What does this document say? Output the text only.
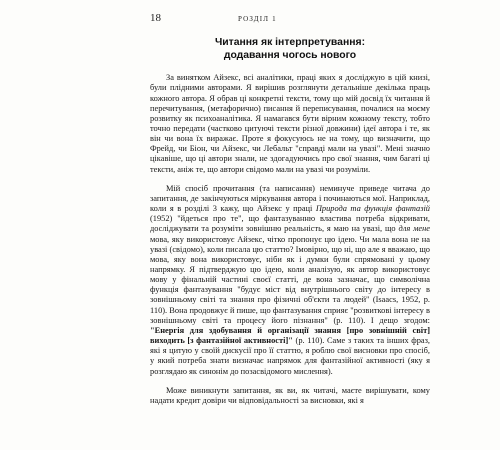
18	РОЗДІЛ 1
Читання як інтерпретування:
додавання чогось нового

За винятком Айзекс, всі аналітики, праці яких я досліджую в цій книзі, були плідними авторами. Я вирішив розглянути детальніше декілька праць кожного автора. Я обрав ці конкретні тексти, тому що мій досвід їх читання й перечитування, (метафорично) писання й переписування, почалися на моєму розвитку як психоаналітика. Я намагався бути вірним кожному тексту, тобто точно передати (частково цитуючі тексти різної довжини) ідеї автора і те, як він чи вона їх виражає. Проте я фокусуюсь не на тому, що визначити, що Фрейд, чи Біон, чи Айзекс, чи Лебальт "справді мали на увазі". Мені значно цікавіше, що ці автори знали, не здогадуючись про свої знання, чим багаті ці тексти, аніж те, що автори свідомо мали на увазі чи розуміли.

Мій спосіб прочитання (та написання) неминуче приведе читача до запитання, де закінчуються міркування автора і починаються мої. Наприклад, коли я в розділі 3 кажу, що Айзекс у праці Природа та функція фантазій (1952) "йдеться про те", що фантазуванню властива потреба відкривати, досліджувати та розуміти зовнішню реальність, я маю на увазі, що для мене мова, яку використовує Айзекс, чітко пропонує цю ідею. Чи мала вона не на увазі (свідомо), коли писала цю статтю? Імовірно, що ні, що але я вважаю, що мова, яку вона використовує, ніби як і думки були спрямовані у цьому напрямку. Я підтверджую цю ідею, коли аналізую, як автор використовує мову у фінальній частині своєї статті, де вона зазначає, що символічна функція фантазування "будує міст від внутрішнього світу до інтересу в зовнішньому світі та знання про фізичні об'єкти та людей" (Isaacs, 1952, p. 110). Вона продовжує й пише, що фантазування сприяє "розвиткові інтересу в зовнішньому світі та процесу його пізнання" (p. 110). І дещо згодом: "Енергія для здобування й організації знання [про зовнішній світ] виходить [з фантазійної активності]" (p. 110). Саме з таких та інших фраз, які я цитую у своїй дискусії про її статтю, я роблю свої висновки про спосіб, у який потреба знати визначає напрямок для фантазійної активності (яку я розглядаю як синонім до позасвідомого мислення).

Може виникнути запитання, як ви, як читачі, маєте вирішувати, кому надати кредит довіри чи відповідальності за висновки, які я
